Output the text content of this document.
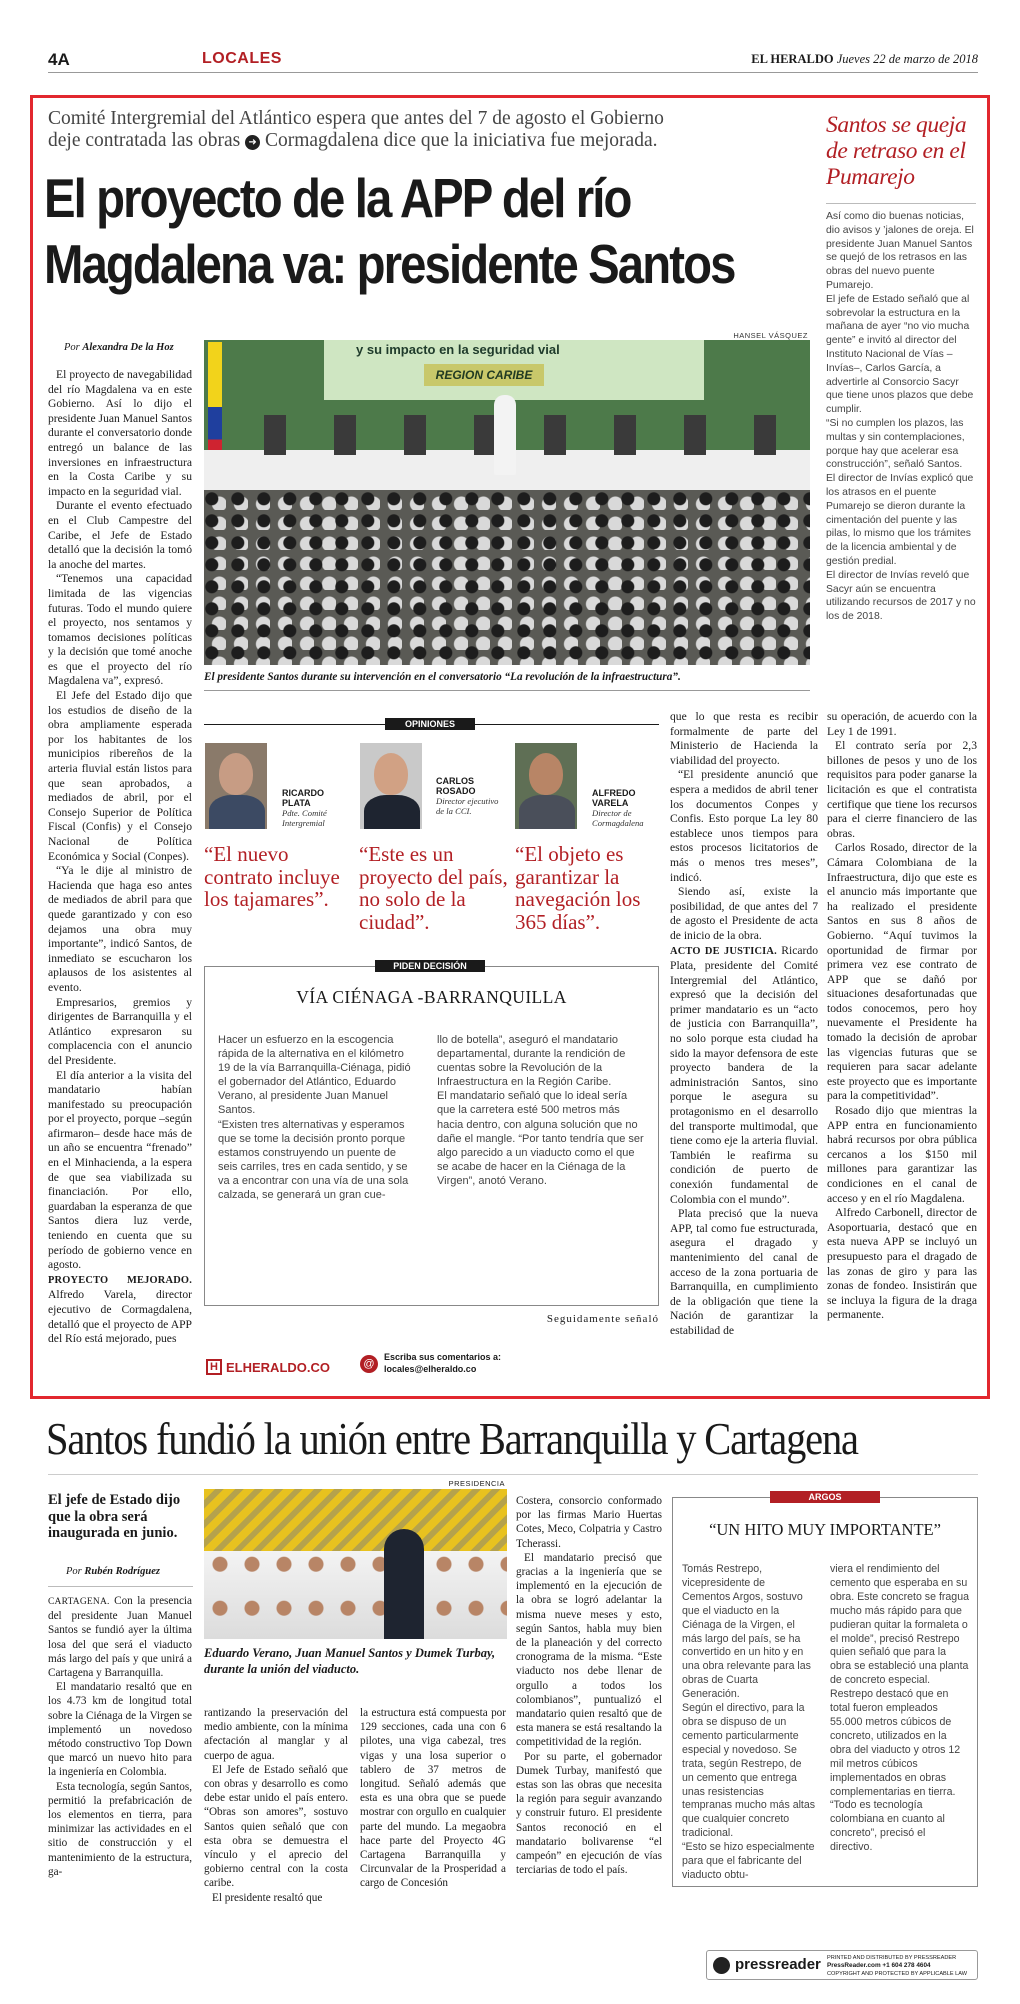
4A	LOCALES	EL HERALDO Jueves 22 de marzo de 2018
Comité Intergremial del Atlántico espera que antes del 7 de agosto el Gobierno
deje contratada las obras ➜ Cormagdalena dice que la iniciativa fue mejorada.
El proyecto de la APP del río
Magdalena va: presidente Santos
Santos se queja
de retraso en el
Pumarejo

Así como dio buenas noticias, dio avisos y ’jalones de oreja. El presidente Juan Manuel Santos se quejó de los retrasos en las obras del nuevo puente Pumarejo.

El jefe de Estado señaló que al sobrevolar la estructura en la mañana de ayer “no vio mucha gente” e invitó al director del Instituto Nacional de Vías –Invías–, Carlos García, a advertirle al Consorcio Sacyr que tiene unos plazos que debe cumplir.

“Si no cumplen los plazos, las multas y sin contemplaciones, porque hay que acelerar esa construcción”, señaló Santos.

El director de Invías explicó que los atrasos en el puente Pumarejo se dieron durante la cimentación del puente y las pilas, lo mismo que los trámites de la licencia ambiental y de gestión predial.

El director de Invías reveló que Sacyr aún se encuentra utilizando recursos de 2017 y no los de 2018.

Por Alexandra De la Hoz

El proyecto de navegabilidad del río Magdalena va en este Gobierno. Así lo dijo el presidente Juan Manuel Santos durante el conversatorio donde entregó un balance de las inversiones en infraestructura en la Costa Caribe y su impacto en la seguridad vial.

Durante el evento efectuado en el Club Campestre del Caribe, el Jefe de Estado detalló que la decisión la tomó la anoche del martes.

“Tenemos una capacidad limitada de las vigencias futuras. Todo el mundo quiere el proyecto, nos sentamos y tomamos decisiones políticas y la decisión que tomé anoche es que el proyecto del río Magdalena va”, expresó.

El Jefe del Estado dijo que los estudios de diseño de la obra ampliamente esperada por los habitantes de los municipios ribereños de la arteria fluvial están listos para que sean aprobados, a mediados de abril, por el Consejo Superior de Política Fiscal (Confis) y el Consejo Nacional de Política Económica y Social (Conpes).

“Ya le dije al ministro de Hacienda que haga eso antes de mediados de abril para que quede garantizado y con eso dejamos una obra muy importante”, indicó Santos, de inmediato se escucharon los aplausos de los asistentes al evento.

Empresarios, gremios y dirigentes de Barranquilla y el Atlántico expresaron su complacencia con el anuncio del Presidente.

El día anterior a la visita del mandatario habían manifestado su preocupación por el proyecto, porque –según afirmaron– desde hace más de un año se encuentra “frenado” en el Minhacienda, a la espera de que sea viabilizada su financiación. Por ello, guardaban la esperanza de que Santos diera luz verde, teniendo en cuenta que su período de gobierno vence en agosto.

PROYECTO MEJORADO. Alfredo Varela, director ejecutivo de Cormagdalena, detalló que el proyecto de APP del Río está mejorado, pues

HANSEL VÁSQUEZ
y su impacto en la seguridad vial
REGION CARIBE
El presidente Santos durante su intervención en el conversatorio “La revolución de la infraestructura”.
OPINIONES
RICARDO
PLATA
Pdte. Comité Intergremial
“El nuevo contrato incluye los tajamares”.
CARLOS
ROSADO
Director ejecutivo de la CCI.
“Este es un proyecto del país, no solo de la ciudad”.
ALFREDO
VARELA
Director de Cormagdalena
“El objeto es garantizar la navegación los 365 días”.
PIDEN DECISIÓN
VÍA CIÉNAGA -BARRANQUILLA

Hacer un esfuerzo en la escogencia rápida de la alternativa en el kilómetro 19 de la vía Barranquilla-Ciénaga, pidió el gobernador del Atlántico, Eduardo Verano, al presidente Juan Manuel Santos.

“Existen tres alternativas y esperamos que se tome la decisión pronto porque estamos construyendo un puente de seis carriles, tres en cada sentido, y se va a encontrar con una vía de una sola calzada, se generará un gran cue-

llo de botella”, aseguró el mandatario departamental, durante la rendición de cuentas sobre la Revolución de la Infraestructura en la Región Caribe.

El mandatario señaló que lo ideal sería que la carretera esté 500 metros más hacia dentro, con alguna solución que no dañe el mangle. “Por tanto tendría que ser algo parecido a un viaducto como el que se acabe de hacer en la Ciénaga de la Virgen”, anotó Verano.

H ELHERALDO.CO	@
Escriba sus comentarios a:
locales@elheraldo.co

Seguidamente señaló

que lo que resta es recibir formalmente de parte del Ministerio de Hacienda la viabilidad del proyecto.

“El presidente anunció que espera a medidos de abril tener los documentos Conpes y Confis. Esto porque La ley 80 establece unos tiempos para estos procesos licitatorios de más o menos tres meses”, indicó.

Siendo así, existe la posibilidad, de que antes del 7 de agosto el Presidente de acta de inicio de la obra.

ACTO DE JUSTICIA. Ricardo Plata, presidente del Comité Intergremial del Atlántico, expresó que la decisión del primer mandatario es un “acto de justicia con Barranquilla”, no solo porque esta ciudad ha sido la mayor defensora de este proyecto bandera de la administración Santos, sino porque le asegura su protagonismo en el desarrollo del transporte multimodal, que tiene como eje la arteria fluvial. También le reafirma su condición de puerto de conexión fundamental de Colombia con el mundo”.

Plata precisó que la nueva APP, tal como fue estructurada, asegura el dragado y mantenimiento del canal de acceso de la zona portuaria de Barranquilla, en cumplimiento de la obligación que tiene la Nación de garantizar la estabilidad de

su operación, de acuerdo con la Ley 1 de 1991.

El contrato sería por 2,3 billones de pesos y uno de los requisitos para poder ganarse la licitación es que el contratista certifique que tiene los recursos para el cierre financiero de las obras.

Carlos Rosado, director de la Cámara Colombiana de la Infraestructura, dijo que este es el anuncio más importante que ha realizado el presidente Santos en sus 8 años de Gobierno. “Aquí tuvimos la oportunidad de firmar por primera vez ese contrato de APP que se dañó por situaciones desafortunadas que todos conocemos, pero hoy nuevamente el Presidente ha tomado la decisión de aprobar las vigencias futuras que se requieren para sacar adelante este proyecto que es importante para la competitividad”.

Rosado dijo que mientras la APP entra en funcionamiento habrá recursos por obra pública cercanos a los $150 mil millones para garantizar las condiciones en el canal de acceso y en el río Magdalena.

Alfredo Carbonell, director de Asoportuaria, destacó que en esta nueva APP se incluyó un presupuesto para el dragado de las zonas de giro y para las zonas de fondeo. Insistirán que se incluya la figura de la draga permanente.

Santos fundió la unión entre Barranquilla y Cartagena
El jefe de Estado dijo que la obra será inaugurada en junio.
Por Rubén Rodríguez

CARTAGENA. Con la presencia del presidente Juan Manuel Santos se fundió ayer la última losa del que será el viaducto más largo del país y que unirá a Cartagena y Barranquilla.

El mandatario resaltó que en los 4.73 km de longitud total sobre la Ciénaga de la Virgen se implementó un novedoso método constructivo Top Down que marcó un nuevo hito para la ingeniería en Colombia.

Esta tecnología, según Santos, permitió la prefabricación de los elementos en tierra, para minimizar las actividades en el sitio de construcción y el mantenimiento de la estructura, ga-

PRESIDENCIA
Eduardo Verano, Juan Manuel Santos y Dumek Turbay, durante la unión del viaducto.

rantizando la preservación del medio ambiente, con la mínima afectación al manglar y al cuerpo de agua.

El Jefe de Estado señaló que con obras y desarrollo es como debe estar unido el país entero. “Obras son amores”, sostuvo Santos quien señaló que con esta obra se demuestra el vínculo y el aprecio del gobierno central con la costa caribe.

El presidente resaltó que

la estructura está compuesta por 129 secciones, cada una con 6 pilotes, una viga cabezal, tres vigas y una losa superior o tablero de 37 metros de longitud. Señaló además que esta es una obra que se puede mostrar con orgullo en cualquier parte del mundo. La megaobra hace parte del Proyecto 4G Cartagena Barranquilla y Circunvalar de la Prosperidad a cargo de Concesión

Costera, consorcio conformado por las firmas Mario Huertas Cotes, Meco, Colpatria y Castro Tcherassi.

El mandatario precisó que gracias a la ingeniería que se implementó en la ejecución de la obra se logró adelantar la misma nueve meses y esto, según Santos, habla muy bien de la planeación y del correcto cronograma de la misma. “Este viaducto nos debe llenar de orgullo a todos los colombianos”, puntualizó el mandatario quien resaltó que de esta manera se está resaltando la competitividad de la región.

Por su parte, el gobernador Dumek Turbay, manifestó que estas son las obras que necesita la región para seguir avanzando y construir futuro. El presidente Santos reconoció en el mandatario bolivarense “el campeón” en ejecución de vías terciarias de todo el país.

ARGOS
“UN HITO MUY IMPORTANTE”

Tomás Restrepo, vicepresidente de Cementos Argos, sostuvo que el viaducto en la Ciénaga de la Virgen, el más largo del país, se ha convertido en un hito y en una obra relevante para las obras de Cuarta Generación.

Según el directivo, para la obra se dispuso de un cemento particularmente especial y novedoso. Se trata, según Restrepo, de un cemento que entrega unas resistencias tempranas mucho más altas que cualquier concreto tradicional.

“Esto se hizo especialmente para que el fabricante del viaducto obtu-

viera el rendimiento del cemento que esperaba en su obra. Este concreto se fragua mucho más rápido para que pudieran quitar la formaleta o el molde”, precisó Restrepo quien señaló que para la obra se estableció una planta de concreto especial.

Restrepo destacó que en total fueron empleados 55.000 metros cúbicos de concreto, utilizados en la obra del viaducto y otros 12 mil metros cúbicos implementados en obras complementarias en tierra. “Todo es tecnología colombiana en cuanto al concreto”, precisó el directivo.

pressreader PRINTED AND DISTRIBUTED BY PRESSREADER
PressReader.com +1 604 278 4604
COPYRIGHT AND PROTECTED BY APPLICABLE LAW
